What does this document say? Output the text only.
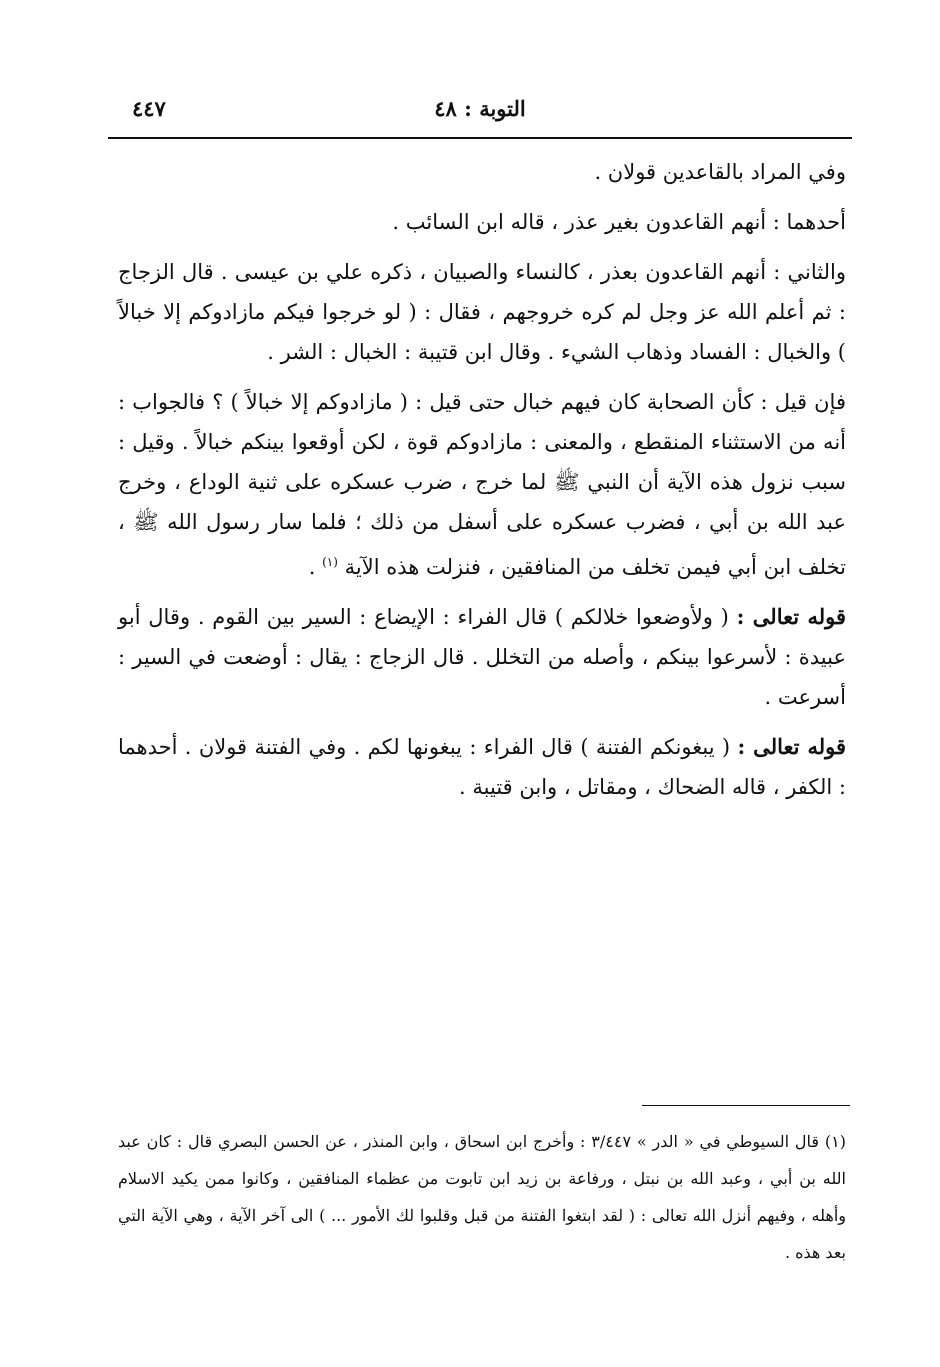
التوبة : ٤٨
٤٤٧

وفي المراد بالقاعدين قولان .

أحدهما : أنهم القاعدون بغير عذر ، قاله ابن السائب .

والثاني : أنهم القاعدون بعذر ، كالنساء والصبيان ، ذكره علي بن عيسى . قال الزجاج : ثم أعلم الله عز وجل لم كره خروجهم ، فقال : ( لو خرجوا فيكم مازادوكم إلا خبالاً ) والخبال : الفساد وذهاب الشيء . وقال ابن قتيبة : الخبال : الشر .

فإن قيل : كأن الصحابة كان فيهم خبال حتى قيل : ( مازادوكم إلا خبالاً ) ؟ فالجواب : أنه من الاستثناء المنقطع ، والمعنى : مازادوكم قوة ، لكن أوقعوا بينكم خبالاً . وقيل : سبب نزول هذه الآية أن النبي ﷺ لما خرج ، ضرب عسكره على ثنية الوداع ، وخرج عبد الله بن أبي ، فضرب عسكره على أسفل من ذلك ؛ فلما سار رسول الله ﷺ ، تخلف ابن أبي فيمن تخلف من المنافقين ، فنزلت هذه الآية $^{(١)}$ .

قوله تعالى : ( ولأوضعوا خلالكم ) قال الفراء : الإيضاع : السير بين القوم . وقال أبو عبيدة : لأسرعوا بينكم ، وأصله من التخلل . قال الزجاج : يقال : أوضعت في السير : أسرعت .

قوله تعالى : ( يبغونكم الفتنة ) قال الفراء : يبغونها لكم . وفي الفتنة قولان . أحدهما : الكفر ، قاله الضحاك ، ومقاتل ، وابن قتيبة .

(١) قال السيوطي في « الدر » ٣/٤٤٧ : وأخرج ابن اسحاق ، وابن المنذر ، عن الحسن البصري قال : كان عبد الله بن أبي ، وعبد الله بن نبتل ، ورفاعة بن زيد ابن تابوت من عظماء المنافقين ، وكانوا ممن يكيد الاسلام وأهله ، وفيهم أنزل الله تعالى : ( لقد ابتغوا الفتنة من قبل وقلبوا لك الأمور ... ) الى آخر الآية ، وهي الآية التي بعد هذه .
